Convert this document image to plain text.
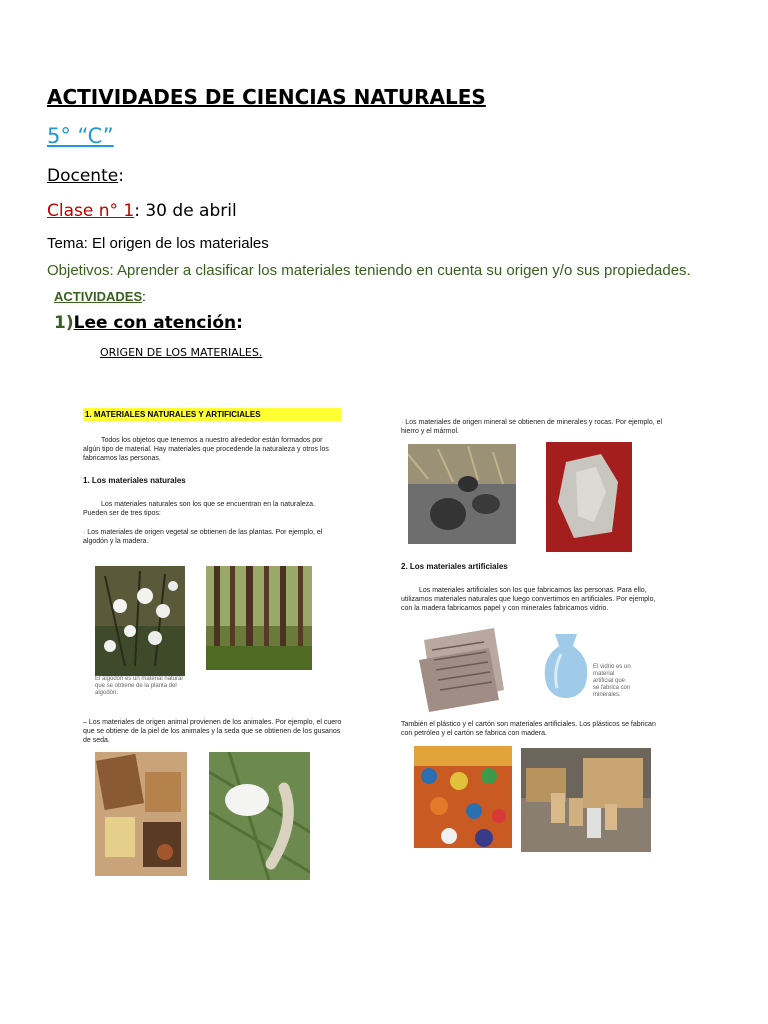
ACTIVIDADES DE CIENCIAS NATURALES
5° “C”
Docente:
Clase n° 1: 30 de abril
Tema: El origen de los materiales
Objetivos: Aprender a clasificar los materiales teniendo en cuenta su origen y/o sus propiedades.
ACTIVIDADES:
1)Lee con atención:
ORIGEN DE LOS MATERIALES.
1. MATERIALES NATURALES Y ARTIFICIALES
Todos los objetos que tenemos a nuestro alrededor están formados por algún tipo de material. Hay materiales que procedende la naturaleza y otros los fabricamos las personas.
1. Los materiales naturales
Los materiales naturales son los que se encuentran en la naturaleza. Pueden ser de tres tipos:
· Los materiales de origen vegetal se obtienen de las plantas. Por ejemplo, el algodón y la madera.
El algodón es un material natural que se obtiene de la planta del algodón.
– Los materiales de origen animal provienen de los animales. Por ejemplo, el cuero que se obtiene de la piel de los animales y la seda que se obtienen de los gusanos de seda.
· Los materiales de origen mineral se obtienen de minerales y rocas. Por ejemplo, el hierro y el mármol.
2. Los materiales artificiales
Los materiales artificiales son los que fabricamos las personas. Para ello, utilizamos materiales naturales que luego convertimos en artificiales. Por ejemplo, con la madera fabricamos papel y con minerales fabricamos vidrio.
El vidrio es un material artificial que se fabrica con minerales.
También el plástico y el cartón son materiales artificiales. Los plásticos se fabrican con petróleo y el cartón se fabrica con madera.
